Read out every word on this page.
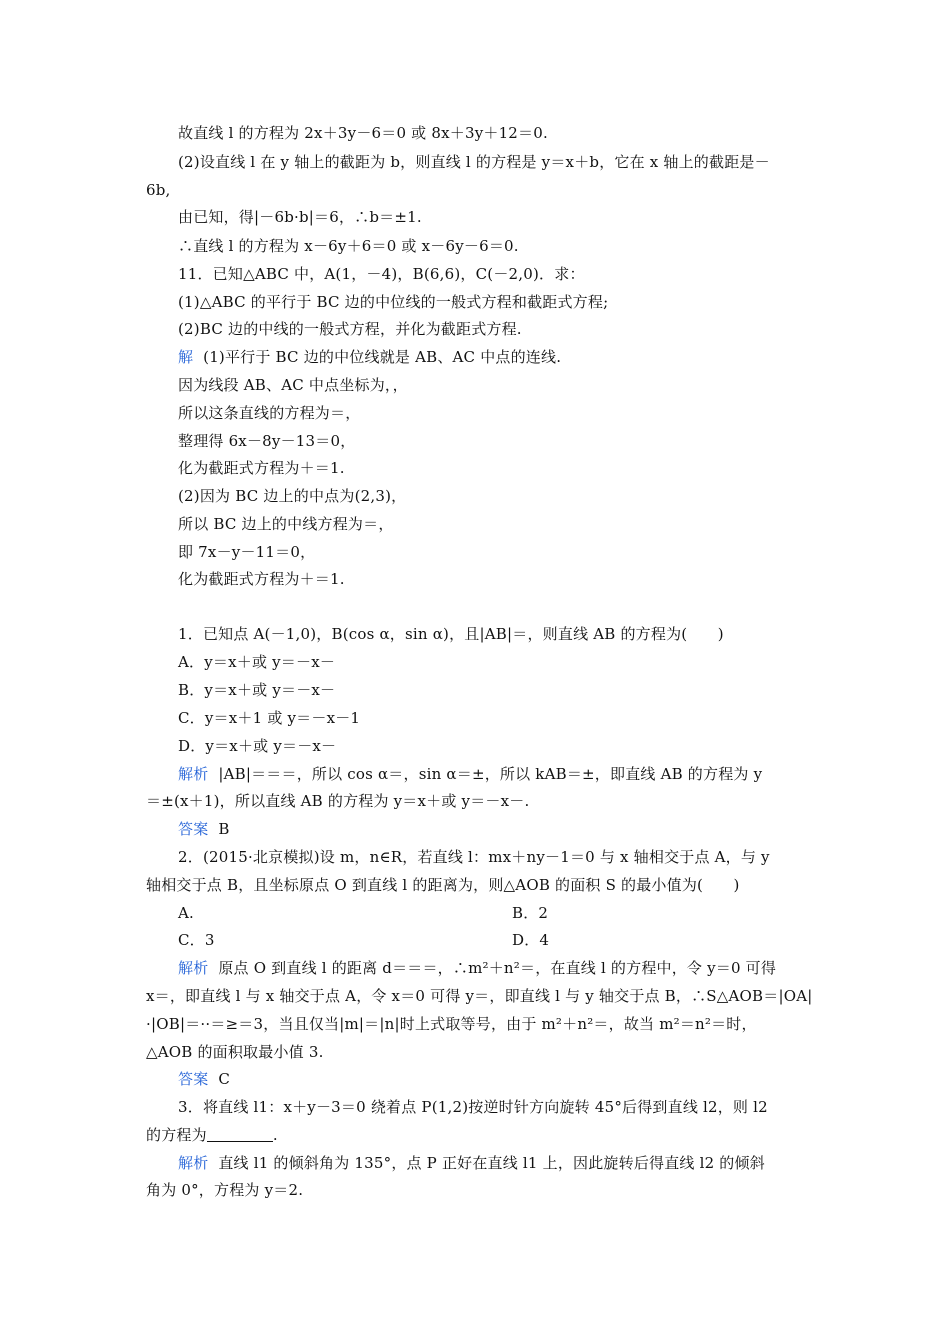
故直线 l 的方程为 2x＋3y－6＝0 或 8x＋3y＋12＝0.
(2)设直线 l 在 y 轴上的截距为 b，则直线 l 的方程是 y＝x＋b，它在 x 轴上的截距是－
6b,
由已知，得|－6b·b|＝6，∴b＝±1.
∴直线 l 的方程为 x－6y＋6＝0 或 x－6y－6＝0.
11．已知△ABC 中，A(1，－4)，B(6,6)，C(－2,0)．求：
(1)△ABC 的平行于 BC 边的中位线的一般式方程和截距式方程;
(2)BC 边的中线的一般式方程，并化为截距式方程.
解  (1)平行于 BC 边的中位线就是 AB、AC 中点的连线.
因为线段 AB、AC 中点坐标为，，
所以这条直线的方程为＝，
整理得 6x－8y－13＝0，
化为截距式方程为＋＝1.
(2)因为 BC 边上的中点为(2,3)，
所以 BC 边上的中线方程为＝，
即 7x－y－11＝0，
化为截距式方程为＋＝1.
1．已知点 A(－1,0)，B(cos α，sin α)，且|AB|＝，则直线 AB 的方程为(　　)
A．y＝x＋或 y＝－x－
B．y＝x＋或 y＝－x－
C．y＝x＋1 或 y＝－x－1
D．y＝x＋或 y＝－x－
解析  |AB|＝＝＝，所以 cos α＝，sin α＝±，所以 kAB＝±，即直线 AB 的方程为 y
＝±(x＋1)，所以直线 AB 的方程为 y＝x＋或 y＝－x－.
答案  B
2．(2015·北京模拟)设 m，n∈R，若直线 l：mx＋ny－1＝0 与 x 轴相交于点 A，与 y
轴相交于点 B，且坐标原点 O 到直线 l 的距离为，则△AOB 的面积 S 的最小值为(　　)
A.	B．2
C．3	D．4
解析  原点 O 到直线 l 的距离 d＝＝＝，∴m²＋n²＝，在直线 l 的方程中，令 y＝0 可得
x＝，即直线 l 与 x 轴交于点 A，令 x＝0 可得 y＝，即直线 l 与 y 轴交于点 B，∴S△AOB＝|OA|
·|OB|＝··＝≥＝3，当且仅当|m|＝|n|时上式取等号，由于 m²＋n²＝，故当 m²＝n²＝时，
△AOB 的面积取最小值 3.
答案  C
3．将直线 l1：x＋y－3＝0 绕着点 P(1,2)按逆时针方向旋转 45°后得到直线 l2，则 l2
的方程为	.
解析  直线 l1 的倾斜角为 135°，点 P 正好在直线 l1 上，因此旋转后得直线 l2 的倾斜
角为 0°，方程为 y＝2.
